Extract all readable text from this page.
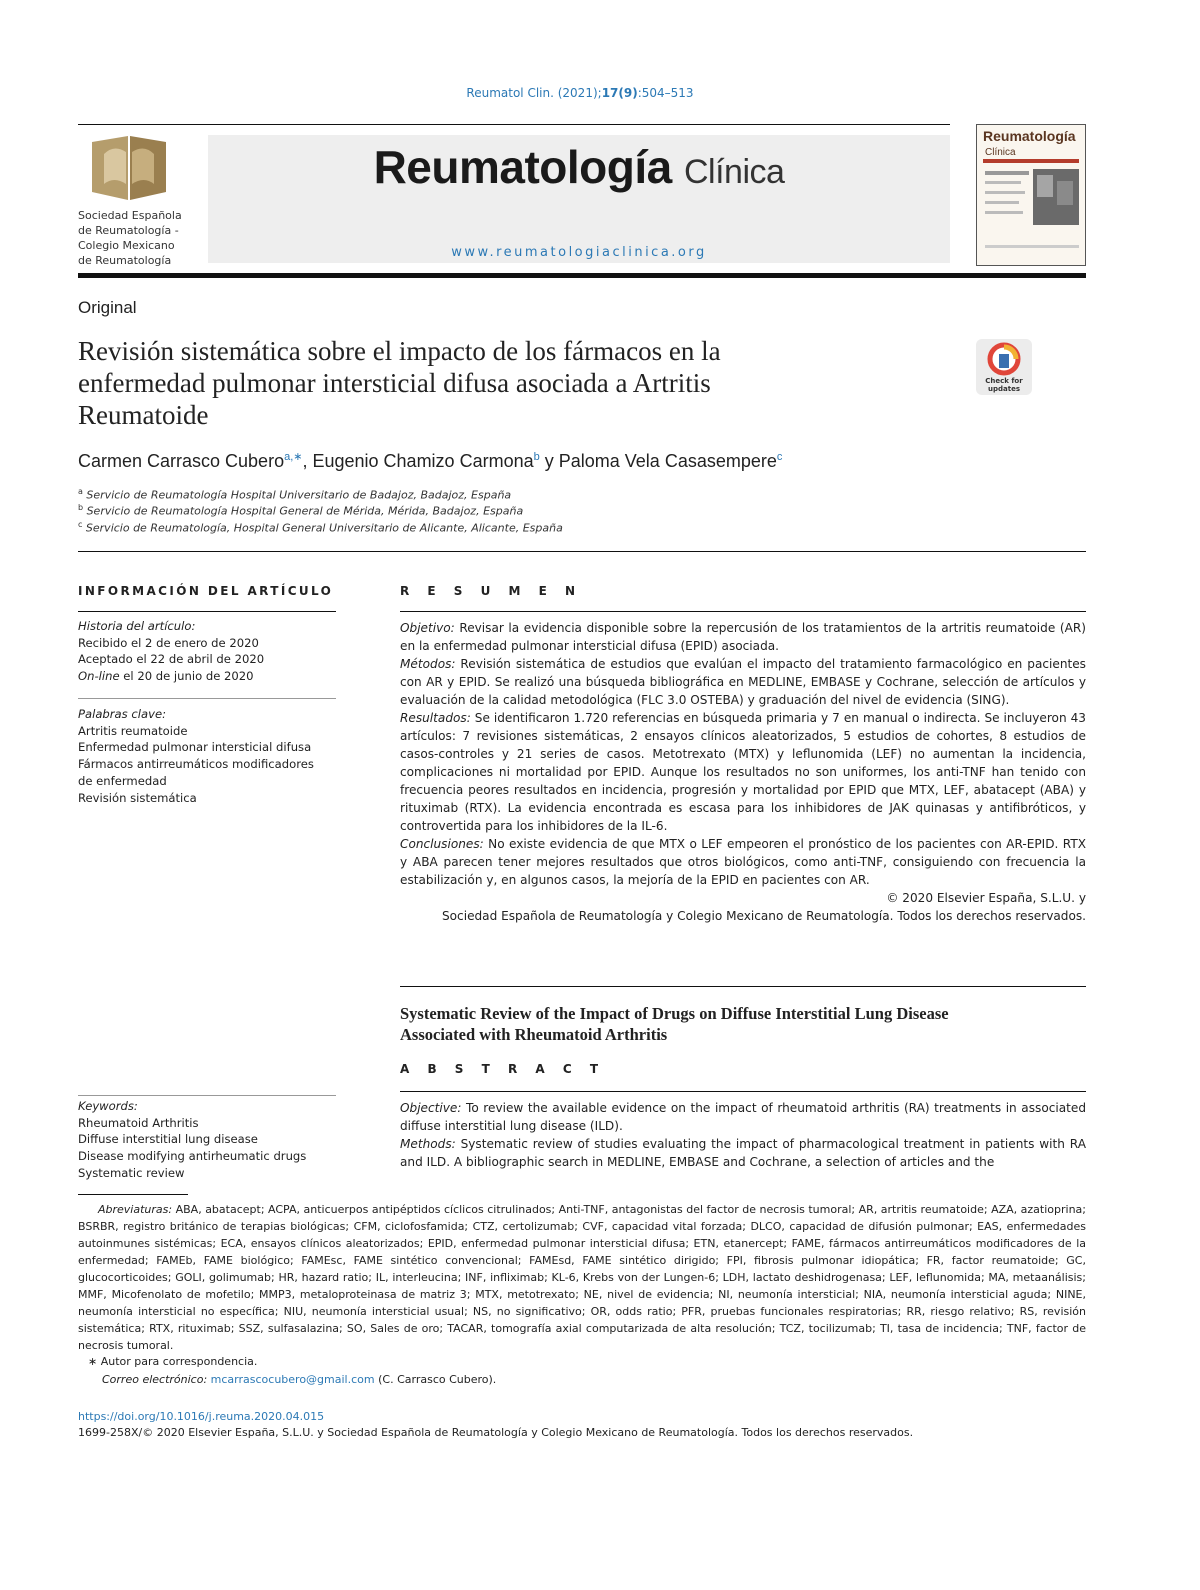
Reumatol Clin. (2021);17(9):504–513
Sociedad Española
de Reumatología -
Colegio Mexicano
de Reumatología
Reumatología Clínica
www.reumatologiaclinica.org
Reumatología
Clínica
Original
Revisión sistemática sobre el impacto de los fármacos en la
enfermedad pulmonar intersticial difusa asociada a Artritis
Reumatoide
Check for updates
Carmen Carrasco Cubero$^{a,∗}$, Eugenio Chamizo Carmona$^b$ y Paloma Vela Casasempere$^c$
$^a$ Servicio de Reumatología Hospital Universitario de Badajoz, Badajoz, España
$^b$ Servicio de Reumatología Hospital General de Mérida, Mérida, Badajoz, España
$^c$ Servicio de Reumatología, Hospital General Universitario de Alicante, Alicante, España
INFORMACIÓN DEL ARTÍCULO
Historia del artículo:
Recibido el 2 de enero de 2020
Aceptado el 22 de abril de 2020
On-line el 20 de junio de 2020
Palabras clave:
Artritis reumatoide
Enfermedad pulmonar intersticial difusa
Fármacos antirreumáticos modificadores
de enfermedad
Revisión sistemática
Keywords:
Rheumatoid Arthritis
Diffuse interstitial lung disease
Disease modifying antirheumatic drugs
Systematic review
R E S U M E N
Objetivo: Revisar la evidencia disponible sobre la repercusión de los tratamientos de la artritis reumatoide (AR) en la enfermedad pulmonar intersticial difusa (EPID) asociada.
Métodos: Revisión sistemática de estudios que evalúan el impacto del tratamiento farmacológico en pacientes con AR y EPID. Se realizó una búsqueda bibliográfica en MEDLINE, EMBASE y Cochrane, selección de artículos y evaluación de la calidad metodológica (FLC 3.0 OSTEBA) y graduación del nivel de evidencia (SING).
Resultados: Se identificaron 1.720 referencias en búsqueda primaria y 7 en manual o indirecta. Se incluyeron 43 artículos: 7 revisiones sistemáticas, 2 ensayos clínicos aleatorizados, 5 estudios de cohortes, 8 estudios de casos-controles y 21 series de casos. Metotrexato (MTX) y leflunomida (LEF) no aumentan la incidencia, complicaciones ni mortalidad por EPID. Aunque los resultados no son uniformes, los anti-TNF han tenido con frecuencia peores resultados en incidencia, progresión y mortalidad por EPID que MTX, LEF, abatacept (ABA) y rituximab (RTX). La evidencia encontrada es escasa para los inhibidores de JAK quinasas y antifibróticos, y controvertida para los inhibidores de la IL-6.
Conclusiones: No existe evidencia de que MTX o LEF empeoren el pronóstico de los pacientes con AR-EPID. RTX y ABA parecen tener mejores resultados que otros biológicos, como anti-TNF, consiguiendo con frecuencia la estabilización y, en algunos casos, la mejoría de la EPID en pacientes con AR.
© 2020 Elsevier España, S.L.U. y
Sociedad Española de Reumatología y Colegio Mexicano de Reumatología. Todos los derechos reservados.
Systematic Review of the Impact of Drugs on Diffuse Interstitial Lung Disease
Associated with Rheumatoid Arthritis
A B S T R A C T
Objective: To review the available evidence on the impact of rheumatoid arthritis (RA) treatments in associated diffuse interstitial lung disease (ILD).
Methods: Systematic review of studies evaluating the impact of pharmacological treatment in patients with RA and ILD. A bibliographic search in MEDLINE, EMBASE and Cochrane, a selection of articles and the
Abreviaturas: ABA, abatacept; ACPA, anticuerpos antipéptidos cíclicos citrulinados; Anti-TNF, antagonistas del factor de necrosis tumoral; AR, artritis reumatoide; AZA, azatioprina; BSRBR, registro británico de terapias biológicas; CFM, ciclofosfamida; CTZ, certolizumab; CVF, capacidad vital forzada; DLCO, capacidad de difusión pulmonar; EAS, enfermedades autoinmunes sistémicas; ECA, ensayos clínicos aleatorizados; EPID, enfermedad pulmonar intersticial difusa; ETN, etanercept; FAME, fármacos antirreumáticos modificadores de la enfermedad; FAMEb, FAME biológico; FAMEsc, FAME sintético convencional; FAMEsd, FAME sintético dirigido; FPI, fibrosis pulmonar idiopática; FR, factor reumatoide; GC, glucocorticoides; GOLI, golimumab; HR, hazard ratio; IL, interleucina; INF, infliximab; KL-6, Krebs von der Lungen-6; LDH, lactato deshidrogenasa; LEF, leflunomida; MA, metaanálisis; MMF, Micofenolato de mofetilo; MMP3, metaloproteinasa de matriz 3; MTX, metotrexato; NE, nivel de evidencia; NI, neumonía intersticial; NIA, neumonía intersticial aguda; NINE, neumonía intersticial no específica; NIU, neumonía intersticial usual; NS, no significativo; OR, odds ratio; PFR, pruebas funcionales respiratorias; RR, riesgo relativo; RS, revisión sistemática; RTX, rituximab; SSZ, sulfasalazina; SO, Sales de oro; TACAR, tomografía axial computarizada de alta resolución; TCZ, tocilizumab; TI, tasa de incidencia; TNF, factor de necrosis tumoral.
∗ Autor para correspondencia.
Correo electrónico: mcarrascocubero@gmail.com (C. Carrasco Cubero).
https://doi.org/10.1016/j.reuma.2020.04.015
1699-258X/© 2020 Elsevier España, S.L.U. y Sociedad Española de Reumatología y Colegio Mexicano de Reumatología. Todos los derechos reservados.
